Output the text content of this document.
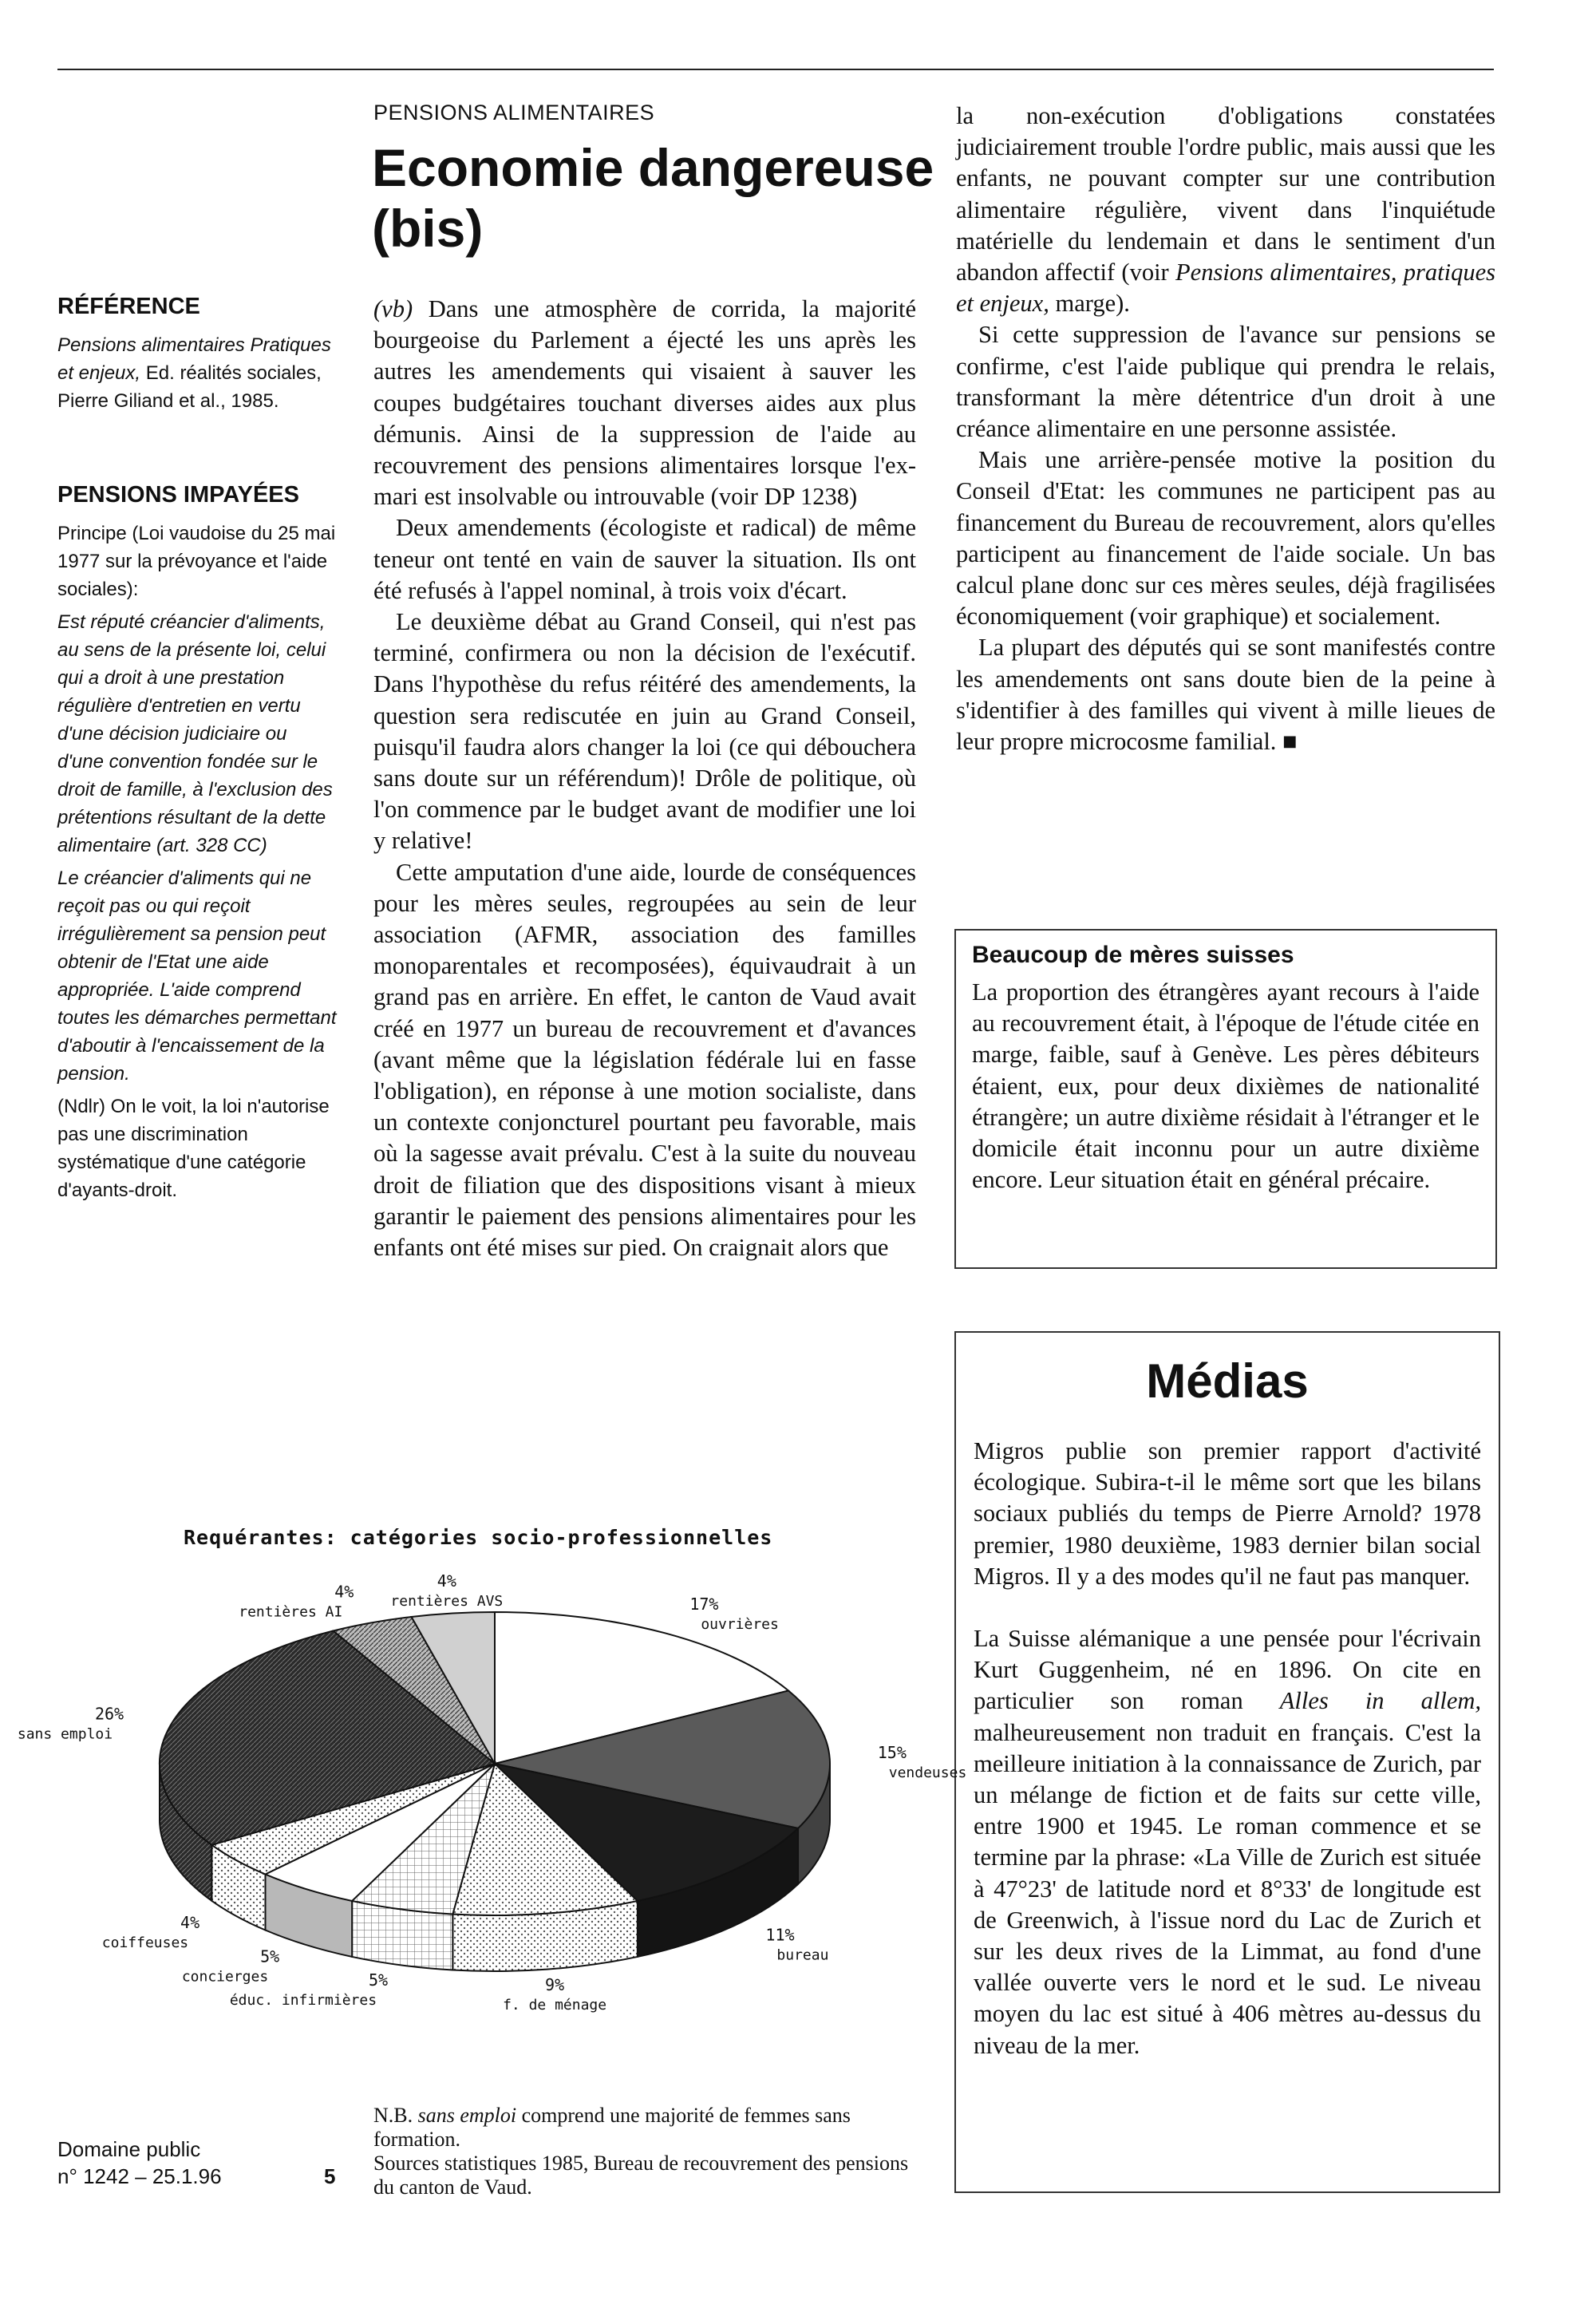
PENSIONS ALIMENTAIRES
Economie dangereuse
(bis)
RÉFÉRENCE

Pensions alimentaires Pratiques et enjeux, Ed. réalités sociales, Pierre Giliand et al., 1985.

PENSIONS IMPAYÉES

Principe (Loi vaudoise du 25 mai 1977 sur la prévoyance et l'aide sociales):

Est réputé créancier d'aliments, au sens de la présente loi, celui qui a droit à une prestation régulière d'entretien en vertu d'une décision judiciaire ou d'une convention fondée sur le droit de famille, à l'exclusion des prétentions résultant de la dette alimentaire (art. 328 CC)

Le créancier d'aliments qui ne reçoit pas ou qui reçoit irrégulièrement sa pension peut obtenir de l'Etat une aide appropriée. L'aide comprend toutes les démarches permettant d'aboutir à l'encaissement de la pension.

(Ndlr) On le voit, la loi n'autorise pas une discrimination systématique d'une catégorie d'ayants-droit.

(vb) Dans une atmosphère de corrida, la majorité bourgeoise du Parlement a éjecté les uns après les autres les amendements qui visaient à sauver les coupes budgétaires touchant diverses aides aux plus démunis. Ainsi de la suppression de l'aide au recouvrement des pensions alimentaires lorsque l'ex-mari est insolvable ou introuvable (voir DP 1238)

Deux amendements (écologiste et radical) de même teneur ont tenté en vain de sauver la situation. Ils ont été refusés à l'appel nominal, à trois voix d'écart.

Le deuxième débat au Grand Conseil, qui n'est pas terminé, confirmera ou non la décision de l'exécutif. Dans l'hypothèse du refus réitéré des amendements, la question sera rediscutée en juin au Grand Conseil, puisqu'il faudra alors changer la loi (ce qui débouchera sans doute sur un référendum)! Drôle de politique, où l'on commence par le budget avant de modifier une loi y relative!

Cette amputation d'une aide, lourde de conséquences pour les mères seules, regroupées au sein de leur association (AFMR, association des familles monoparentales et recomposées), équivaudrait à un grand pas en arrière. En effet, le canton de Vaud avait créé en 1977 un bureau de recouvrement et d'avances (avant même que la législation fédérale lui en fasse l'obligation), en réponse à une motion socialiste, dans un contexte conjoncturel pourtant peu favorable, mais où la sagesse avait prévalu. C'est à la suite du nouveau droit de filiation que des dispositions visant à mieux garantir le paiement des pensions alimentaires pour les enfants ont été mises sur pied. On craignait alors que

la non-exécution d'obligations constatées judiciairement trouble l'ordre public, mais aussi que les enfants, ne pouvant compter sur une contribution alimentaire régulière, vivent dans l'inquiétude matérielle du lendemain et dans le sentiment d'un abandon affectif (voir Pensions alimentaires, pratiques et enjeux, marge).

Si cette suppression de l'avance sur pensions se confirme, c'est l'aide publique qui prendra le relais, transformant la mère détentrice d'un droit à une créance alimentaire en une personne assistée.

Mais une arrière-pensée motive la position du Conseil d'Etat: les communes ne participent pas au financement du Bureau de recouvrement, alors qu'elles participent au financement de l'aide sociale. Un bas calcul plane donc sur ces mères seules, déjà fragilisées économiquement (voir graphique) et socialement.

La plupart des députés qui se sont manifestés contre les amendements ont sans doute bien de la peine à s'identifier à des familles qui vivent à mille lieues de leur propre microcosme familial. ■

Beaucoup de mères suisses
La proportion des étrangères ayant recours à l'aide au recouvrement était, à l'époque de l'étude citée en marge, faible, sauf à Genève. Les pères débiteurs étaient, eux, pour deux dixièmes de nationalité étrangère; un autre dixième résidait à l'étranger et le domicile était inconnu pour un autre dixième encore. Leur situation était en général précaire.
Médias

Migros publie son premier rapport d'activité écologique. Subira-t-il le même sort que les bilans sociaux publiés du temps de Pierre Arnold? 1978 premier, 1980 deuxième, 1983 dernier bilan social Migros. Il y a des modes qu'il ne faut pas manquer.

La Suisse alémanique a une pensée pour l'écrivain Kurt Guggenheim, né en 1896. On cite en particulier son roman Alles in allem, malheureusement non traduit en français. C'est la meilleure initiation à la connaissance de Zurich, par un mélange de fiction et de faits sur cette ville, entre 1900 et 1945. Le roman commence et se termine par la phrase: «La Ville de Zurich est située à 47°23' de latitude nord et 8°33' de longitude est de Greenwich, à l'issue nord du Lac de Zurich et sur les deux rives de la Limmat, au fond d'une vallée ouverte vers le nord et le sud. Le niveau moyen du lac est situé à 406 mètres au-dessus du niveau de la mer.

Requérantes: catégories socio-professionnelles
17%
ouvrières
15%
vendeuses
11%
bureau
9%
f. de ménage
5%
éduc. infirmières
5%
concierges
4%
coiffeuses
26%
sans emploi
4%
rentières AI
4%
rentières AVS
N.B. sans emploi comprend une majorité de femmes sans formation.
Sources statistiques 1985, Bureau de recouvrement des pensions du canton de Vaud.
Domaine public
n° 1242 – 25.1.96	5
